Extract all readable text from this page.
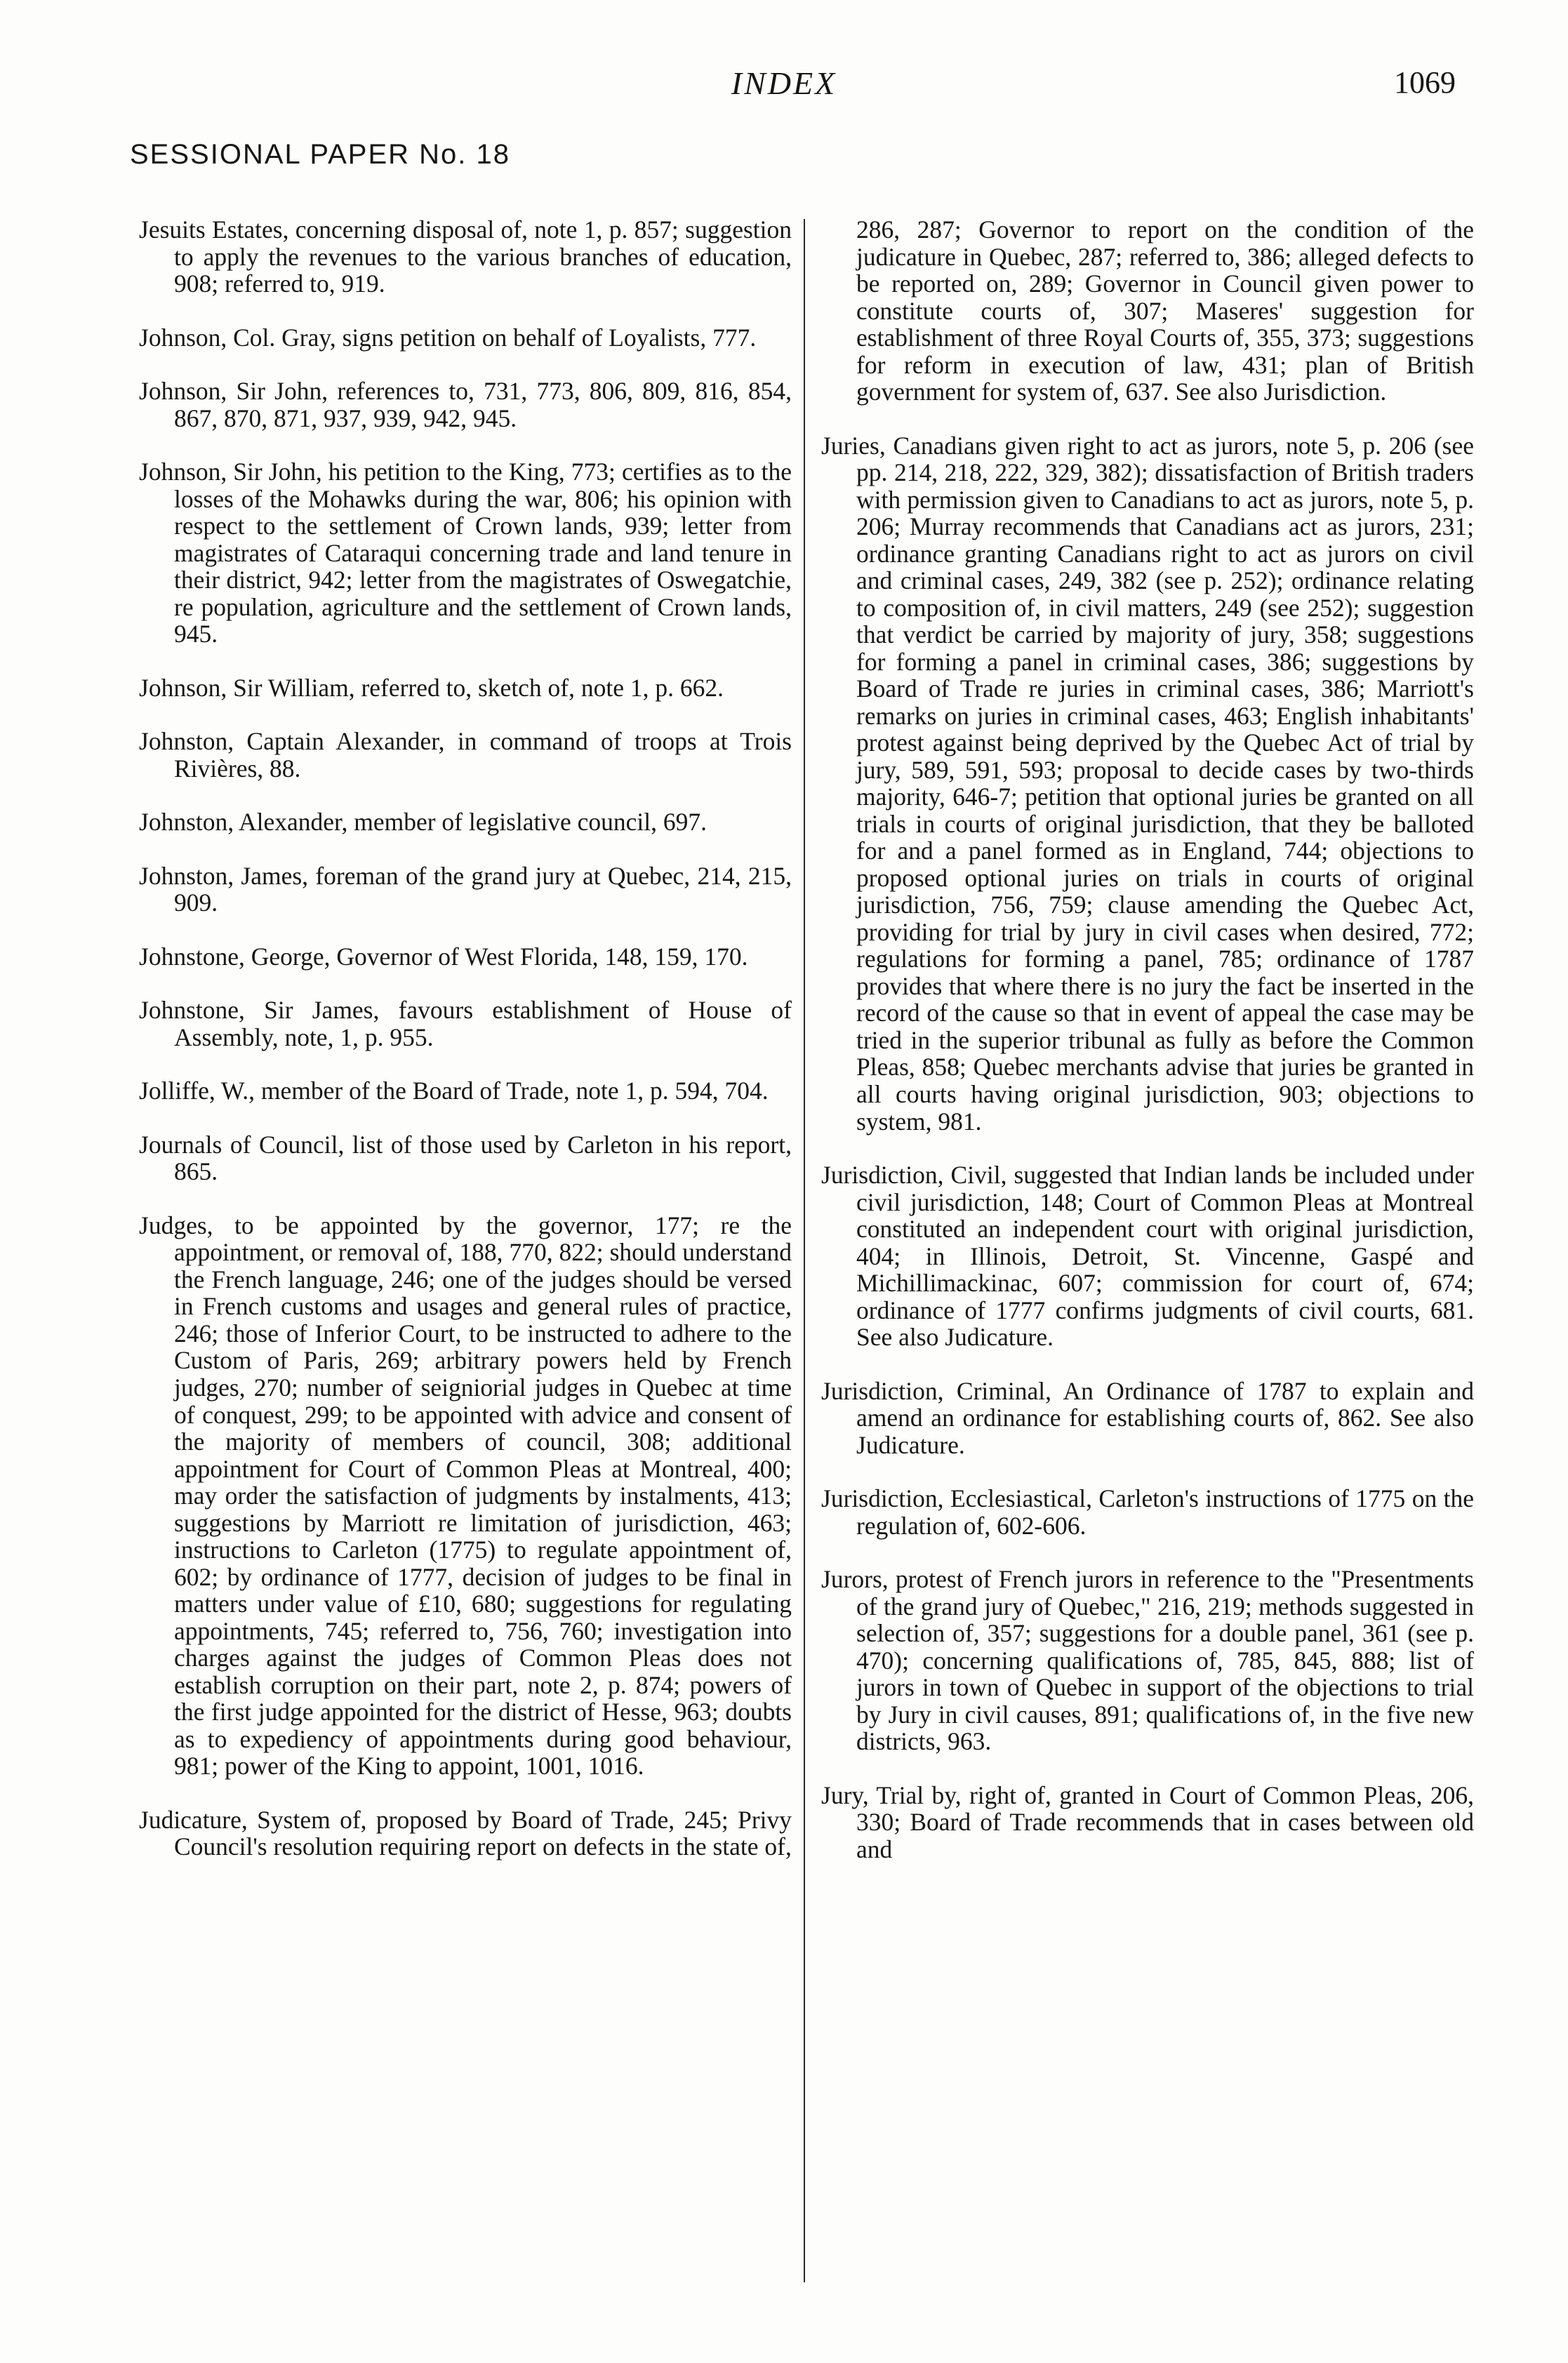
INDEX	1069
SESSIONAL PAPER No. 18

Jesuits Estates, concerning disposal of, note 1, p. 857; suggestion to apply the revenues to the various branches of education, 908; referred to, 919.

Johnson, Col. Gray, signs petition on behalf of Loyalists, 777.

Johnson, Sir John, references to, 731, 773, 806, 809, 816, 854, 867, 870, 871, 937, 939, 942, 945.

Johnson, Sir John, his petition to the King, 773; certifies as to the losses of the Mohawks during the war, 806; his opinion with respect to the settlement of Crown lands, 939; letter from magistrates of Cataraqui concerning trade and land tenure in their district, 942; letter from the magistrates of Oswegatchie, re population, agriculture and the settlement of Crown lands, 945.

Johnson, Sir William, referred to, sketch of, note 1, p. 662.

Johnston, Captain Alexander, in command of troops at Trois Rivières, 88.

Johnston, Alexander, member of legislative council, 697.

Johnston, James, foreman of the grand jury at Quebec, 214, 215, 909.

Johnstone, George, Governor of West Florida, 148, 159, 170.

Johnstone, Sir James, favours establishment of House of Assembly, note, 1, p. 955.

Jolliffe, W., member of the Board of Trade, note 1, p. 594, 704.

Journals of Council, list of those used by Carleton in his report, 865.

Judges, to be appointed by the governor, 177; re the appointment, or removal of, 188, 770, 822; should understand the French language, 246; one of the judges should be versed in French customs and usages and general rules of practice, 246; those of Inferior Court, to be instructed to adhere to the Custom of Paris, 269; arbitrary powers held by French judges, 270; number of seigniorial judges in Quebec at time of conquest, 299; to be appointed with advice and consent of the majority of members of council, 308; additional appointment for Court of Common Pleas at Montreal, 400; may order the satisfaction of judgments by instalments, 413; suggestions by Marriott re limitation of jurisdiction, 463; instructions to Carleton (1775) to regulate appointment of, 602; by ordinance of 1777, decision of judges to be final in matters under value of £10, 680; suggestions for regulating appointments, 745; referred to, 756, 760; investigation into charges against the judges of Common Pleas does not establish corruption on their part, note 2, p. 874; powers of the first judge appointed for the district of Hesse, 963; doubts as to expediency of appointments during good behaviour, 981; power of the King to appoint, 1001, 1016.

Judicature, System of, proposed by Board of Trade, 245; Privy Council's resolution requiring report on defects in the state of,

286, 287; Governor to report on the condition of the judicature in Quebec, 287; referred to, 386; alleged defects to be reported on, 289; Governor in Council given power to constitute courts of, 307; Maseres' suggestion for establishment of three Royal Courts of, 355, 373; suggestions for reform in execution of law, 431; plan of British government for system of, 637. See also Jurisdiction.

Juries, Canadians given right to act as jurors, note 5, p. 206 (see pp. 214, 218, 222, 329, 382); dissatisfaction of British traders with permission given to Canadians to act as jurors, note 5, p. 206; Murray recommends that Canadians act as jurors, 231; ordinance granting Canadians right to act as jurors on civil and criminal cases, 249, 382 (see p. 252); ordinance relating to composition of, in civil matters, 249 (see 252); suggestion that verdict be carried by majority of jury, 358; suggestions for forming a panel in criminal cases, 386; suggestions by Board of Trade re juries in criminal cases, 386; Marriott's remarks on juries in criminal cases, 463; English inhabitants' protest against being deprived by the Quebec Act of trial by jury, 589, 591, 593; proposal to decide cases by two-thirds majority, 646-7; petition that optional juries be granted on all trials in courts of original jurisdiction, that they be balloted for and a panel formed as in England, 744; objections to proposed optional juries on trials in courts of original jurisdiction, 756, 759; clause amending the Quebec Act, providing for trial by jury in civil cases when desired, 772; regulations for forming a panel, 785; ordinance of 1787 provides that where there is no jury the fact be inserted in the record of the cause so that in event of appeal the case may be tried in the superior tribunal as fully as before the Common Pleas, 858; Quebec merchants advise that juries be granted in all courts having original jurisdiction, 903; objections to system, 981.

Jurisdiction, Civil, suggested that Indian lands be included under civil jurisdiction, 148; Court of Common Pleas at Montreal constituted an independent court with original jurisdiction, 404; in Illinois, Detroit, St. Vincenne, Gaspé and Michillimackinac, 607; commission for court of, 674; ordinance of 1777 confirms judgments of civil courts, 681. See also Judicature.

Jurisdiction, Criminal, An Ordinance of 1787 to explain and amend an ordinance for establishing courts of, 862. See also Judicature.

Jurisdiction, Ecclesiastical, Carleton's instructions of 1775 on the regulation of, 602-606.

Jurors, protest of French jurors in reference to the "Presentments of the grand jury of Quebec," 216, 219; methods suggested in selection of, 357; suggestions for a double panel, 361 (see p. 470); concerning qualifications of, 785, 845, 888; list of jurors in town of Quebec in support of the objections to trial by Jury in civil causes, 891; qualifications of, in the five new districts, 963.

Jury, Trial by, right of, granted in Court of Common Pleas, 206, 330; Board of Trade recommends that in cases between old and
